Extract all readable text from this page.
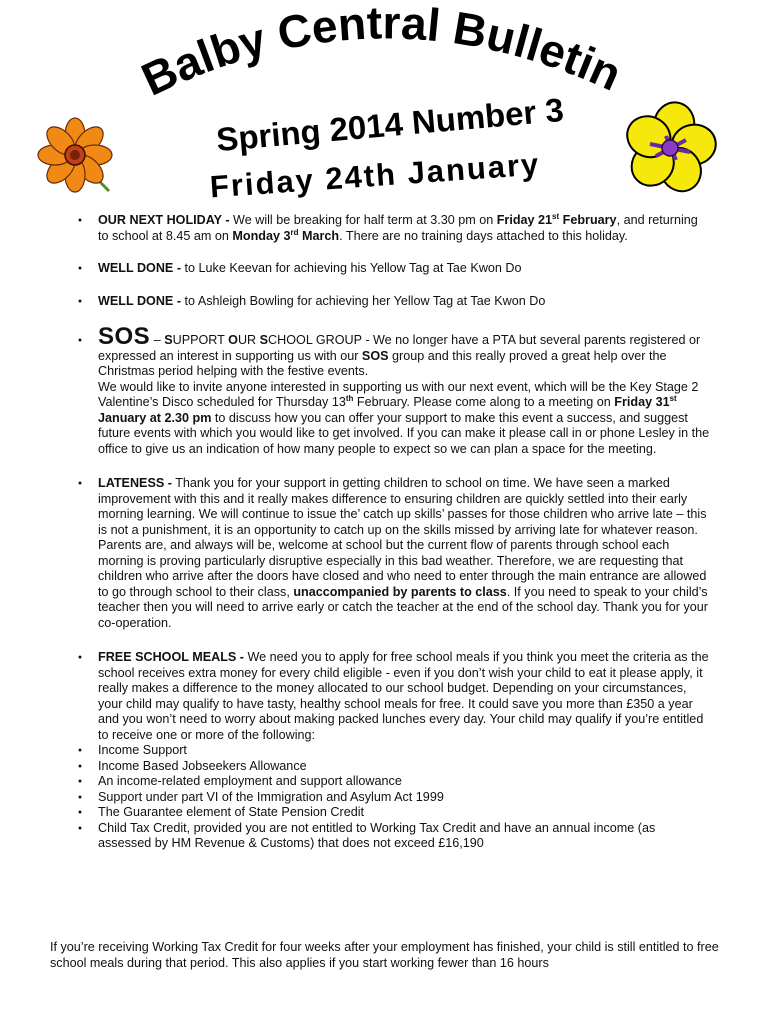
Balby Central Bulletin
Spring 2014 Number 3
Friday 24th January
●	OUR NEXT HOLIDAY - We will be breaking for half term at 3.30 pm on Friday 21st February, and returning to school at 8.45 am on Monday 3rd March. There are no training days attached to this holiday.

●	WELL DONE - to Luke Keevan for achieving his Yellow Tag at Tae Kwon Do

●	WELL DONE - to Ashleigh Bowling for achieving her Yellow Tag at Tae Kwon Do

● SOS – SUPPORT OUR SCHOOL GROUP - We no longer have a PTA but several parents registered or expressed an interest in supporting us with our SOS group and this really proved a great help over the Christmas period helping with the festive events.

We would like to invite anyone interested in supporting us with our next event, which will be the Key Stage 2 Valentine’s Disco scheduled for Thursday 13th February. Please come along to a meeting on Friday 31st January at 2.30 pm to discuss how you can offer your support to make this event a success, and suggest future events with which you would like to get involved. If you can make it please call in or phone Lesley in the office to give us an indication of how many people to expect so we can plan a space for the meeting.

●	LATENESS - Thank you for your support in getting children to school on time. We have seen a marked improvement with this and it really makes difference to ensuring children are quickly settled into their early morning learning. We will continue to issue the’ catch up skills’ passes for those children who arrive late – this is not a punishment, it is an opportunity to catch up on the skills missed by arriving late for whatever reason. Parents are, and always will be, welcome at school but the current flow of parents through school each morning is proving particularly disruptive especially in this bad weather. Therefore, we are requesting that children who arrive after the doors have closed and who need to enter through the main entrance are allowed to go through school to their class, unaccompanied by parents to class. If you need to speak to your child’s teacher then you will need to arrive early or catch the teacher at the end of the school day. Thank you for your co-operation.

●	FREE SCHOOL MEALS - We need you to apply for free school meals if you think you meet the criteria as the school receives extra money for every child eligible - even if you don’t wish your child to eat it please apply, it really makes a difference to the money allocated to our school budget. Depending on your circumstances, your child may qualify to have tasty, healthy school meals for free. It could save you more than £350 a year and you won’t need to worry about making packed lunches every day. Your child may qualify if you’re entitled to receive one or more of the following:

●	Income Support

●	Income Based Jobseekers Allowance

●	An income-related employment and support allowance

●	Support under part VI of the Immigration and Asylum Act 1999

●	The Guarantee element of State Pension Credit

●	Child Tax Credit, provided you are not entitled to Working Tax Credit and have an annual income (as assessed by HM Revenue & Customs) that does not exceed £16,190

If you’re receiving Working Tax Credit for four weeks after your employment has finished, your child is still entitled to free school meals during that period. This also applies if you start working fewer than 16 hours
